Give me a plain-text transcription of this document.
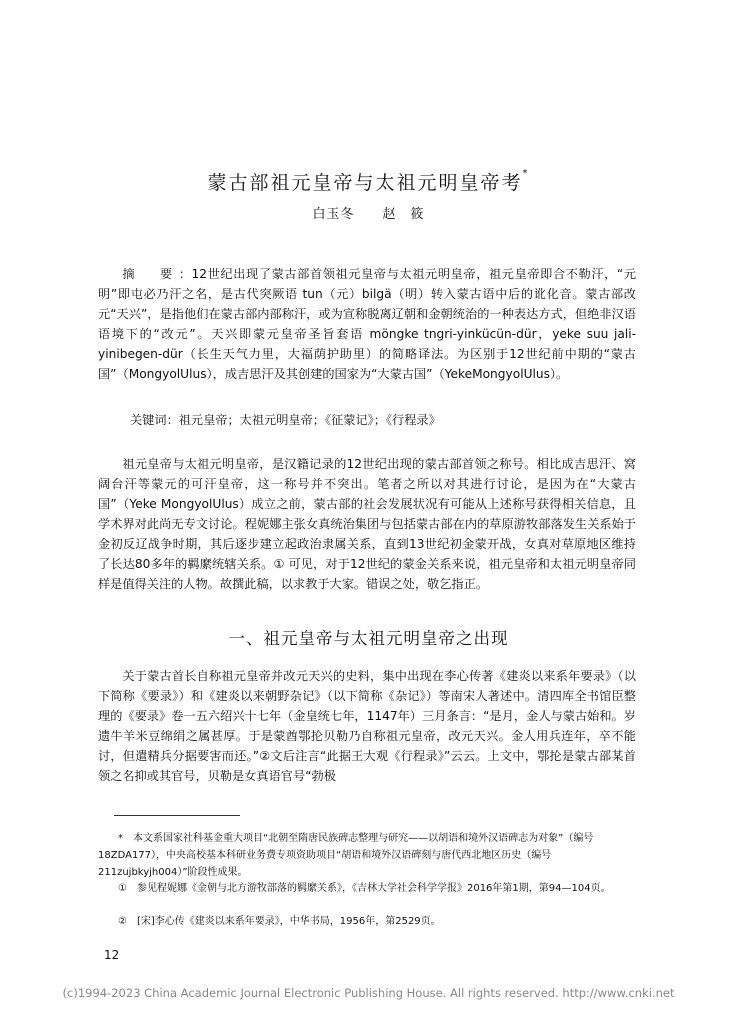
蒙古部祖元皇帝与太祖元明皇帝考*
白玉冬　　赵　筱
摘　要：12世纪出现了蒙古部首领祖元皇帝与太祖元明皇帝，祖元皇帝即合不勒汗，“元明”即屯必乃汗之名，是古代突厥语 tun（元）bilgä（明）转入蒙古语中后的讹化音。蒙古部改元“天兴”，是指他们在蒙古部内部称汗，或为宣称脱离辽朝和金朝统治的一种表达方式，但绝非汉语语境下的“改元”。天兴即蒙元皇帝圣旨套语 möngke tngri-yinkücün-dür，yeke suu jali-yinibegen-dür（长生天气力里，大福荫护助里）的简略译法。为区别于12世纪前中期的“蒙古国”（MongyolUlus），成吉思汗及其创建的国家为“大蒙古国”（YekeMongyolUlus）。
关键词：祖元皇帝；太祖元明皇帝；《征蒙记》；《行程录》
祖元皇帝与太祖元明皇帝，是汉籍记录的12世纪出现的蒙古部首领之称号。相比成吉思汗、窝阔台汗等蒙元的可汗皇帝，这一称号并不突出。笔者之所以对其进行讨论，是因为在“大蒙古国”（Yeke MongyolUlus）成立之前，蒙古部的社会发展状况有可能从上述称号获得相关信息，且学术界对此尚无专文讨论。程妮娜主张女真统治集团与包括蒙古部在内的草原游牧部落发生关系始于金初反辽战争时期，其后逐步建立起政治隶属关系，直到13世纪初金蒙开战，女真对草原地区维持了长达80多年的羁縻统辖关系。① 可见，对于12世纪的蒙金关系来说，祖元皇帝和太祖元明皇帝同样是值得关注的人物。故撰此稿，以求教于大家。错误之处，敬乞指正。
一、祖元皇帝与太祖元明皇帝之出现
关于蒙古首长自称祖元皇帝并改元天兴的史料，集中出现在李心传著《建炎以来系年要录》（以下简称《要录》）和《建炎以来朝野杂记》（以下简称《杂记》）等南宋人著述中。清四库全书馆臣整理的《要录》卷一五六绍兴十七年（金皇统七年，1147年）三月条言：“是月，金人与蒙古始和。岁遗牛羊米豆绵绢之属甚厚。于是蒙酋鄂抡贝勒乃自称祖元皇帝，改元天兴。金人用兵连年，卒不能讨，但遣精兵分据要害而还。”②文后注言“此据王大观《行程录》”云云。上文中，鄂抡是蒙古部某首领之名抑或其官号，贝勒是女真语官号“勃极

*　本文系国家社科基金重大项目“北朝至隋唐民族碑志整理与研究——以胡语和境外汉语碑志为对象”（编号18ZDA177），中央高校基本科研业务费专项资助项目“胡语和境外汉语碑刻与唐代西北地区历史（编号211zujbkyjh004）”阶段性成果。

①　参见程妮娜《金朝与北方游牧部落的羁縻关系》，《吉林大学社会科学学报》2016年第1期，第94—104页。

②　[宋]李心传《建炎以来系年要录》，中华书局，1956年，第2529页。

12
(c)1994-2023 China Academic Journal Electronic Publishing House. All rights reserved. http://www.cnki.net
